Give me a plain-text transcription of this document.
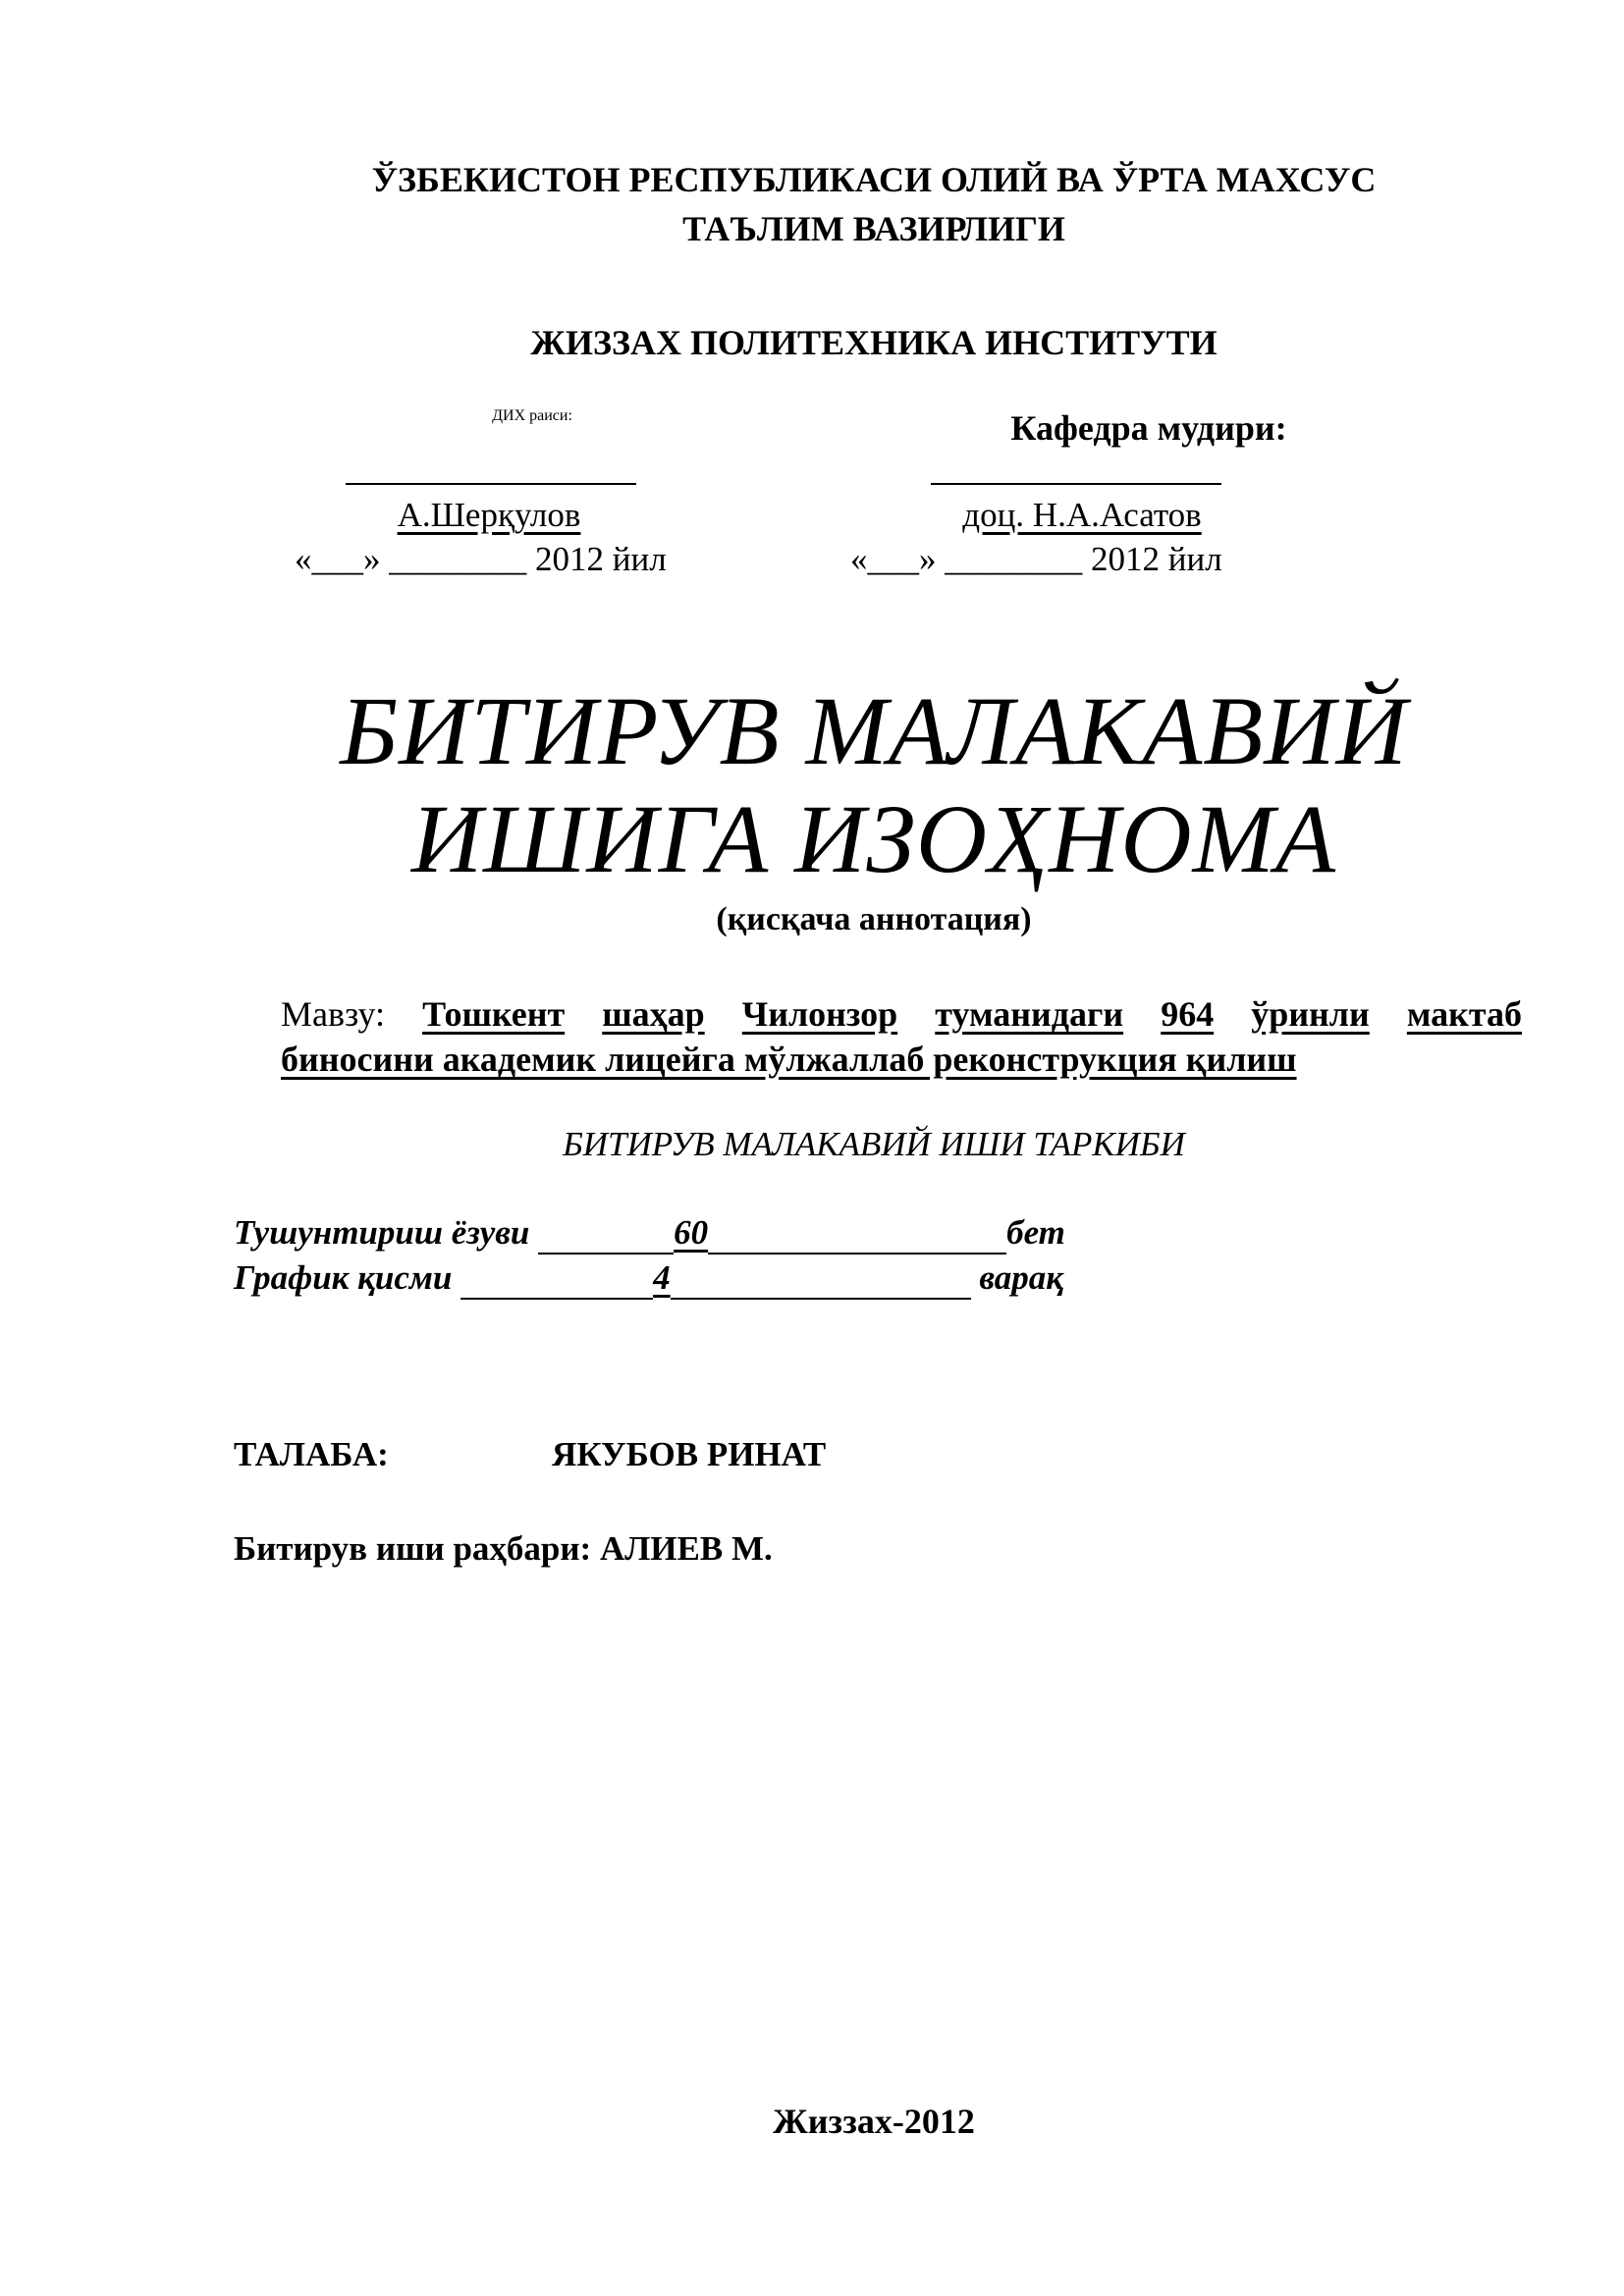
ЎЗБЕКИСТОН РЕСПУБЛИКАСИ ОЛИЙ ВА ЎРТА МАХСУС
ТАЪЛИМ ВАЗИРЛИГИ
ЖИЗЗАХ ПОЛИТЕХНИКА ИНСТИТУТИ
ДИХ раиси:
А.Шерқулов
«___» ________ 2012 йил
Кафедра мудири:
доц. Н.А.Асатов
«___» ________ 2012 йил
БИТИРУВ МАЛАКАВИЙ
ИШИГА ИЗОҲНОМА
(қисқача аннотация)
Мавзу: Тошкент шаҳар Чилонзор туманидаги 964 ўринли мактаб
биносини академик лицейга мўлжаллаб реконструкция қилиш
БИТИРУВ МАЛАКАВИЙ ИШИ ТАРКИБИ
Тушунтириш ёзуви	60	бет
График қисми	4	варақ
ТАЛАБА:	ЯКУБОВ РИНАТ
Битирув иши раҳбари: АЛИЕВ М.
Жиззах-2012
